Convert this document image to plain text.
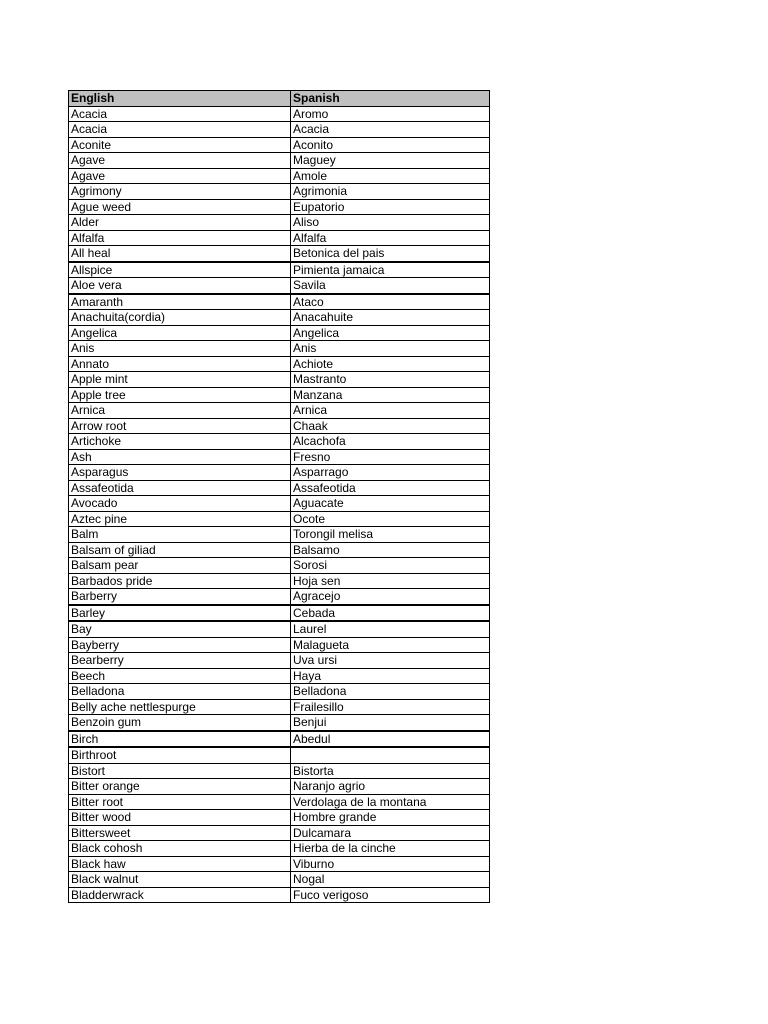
English	Spanish
Acacia	Aromo
Acacia	Acacia
Aconite	Aconito
Agave	Maguey
Agave	Amole
Agrimony	Agrimonia
Ague weed	Eupatorio
Alder	Aliso
Alfalfa	Alfalfa
All heal	Betonica del pais
Allspice	Pimienta jamaica
Aloe vera	Savila
Amaranth	Ataco
Anachuita(cordia)	Anacahuite
Angelica	Angelica
Anis	Anis
Annato	Achiote
Apple mint	Mastranto
Apple tree	Manzana
Arnica	Arnica
Arrow root	Chaak
Artichoke	Alcachofa
Ash	Fresno
Asparagus	Asparrago
Assafeotida	Assafeotida
Avocado	Aguacate
Aztec pine	Ocote
Balm	Torongil melisa
Balsam of giliad	Balsamo
Balsam pear	Sorosi
Barbados pride	Hoja sen
Barberry	Agracejo
Barley	Cebada
Bay	Laurel
Bayberry	Malagueta
Bearberry	Uva ursi
Beech	Haya
Belladona	Belladona
Belly ache nettlespurge	Frailesillo
Benzoin gum	Benjui
Birch	Abedul
Birthroot	
Bistort	Bistorta
Bitter orange	Naranjo agrio
Bitter root	Verdolaga de la montana
Bitter wood	Hombre grande
Bittersweet	Dulcamara
Black cohosh	Hierba de la cinche
Black haw	Viburno
Black walnut	Nogal
Bladderwrack	Fuco verigoso
